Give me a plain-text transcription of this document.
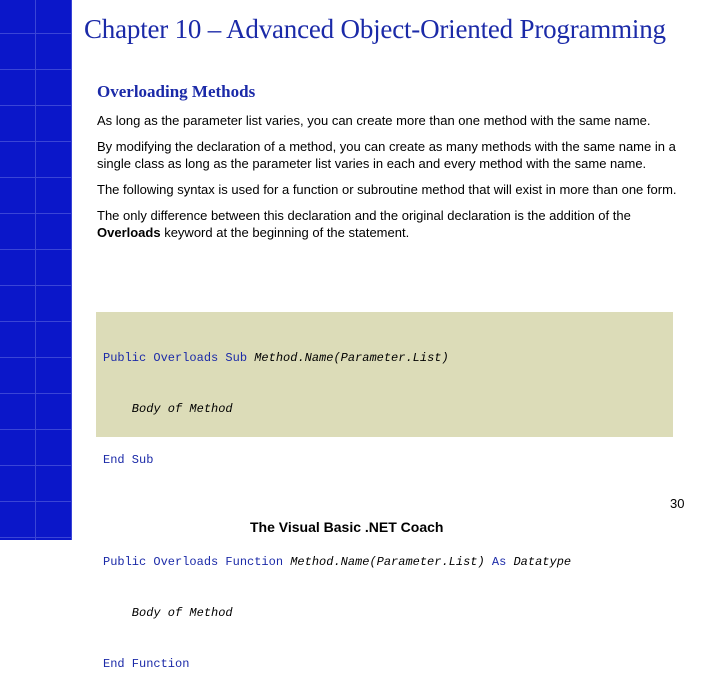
Chapter 10 – Advanced Object-Oriented Programming
Overloading Methods

As long as the parameter list varies, you can create more than one method with the same name.

By modifying the declaration of a method, you can create as many methods with the same name in a single class as long as the parameter list varies in each and every method with the same name.

The following syntax is used for a function or subroutine method that will exist in more than one form.

The only difference between this declaration and the original declaration is the addition of the Overloads keyword at the beginning of the statement.

Public Overloads Sub Method.Name(Parameter.List)

Body of Method

End Sub

Public Overloads Function Method.Name(Parameter.List) As Datatype

Body of Method

End Function

30
The Visual Basic .NET Coach
